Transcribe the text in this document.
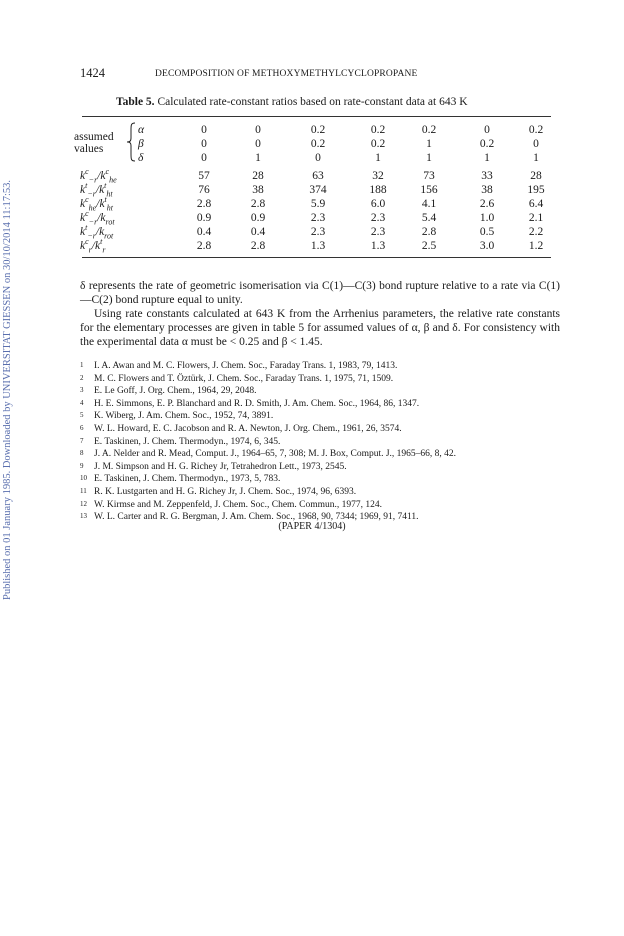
Published on 01 January 1985. Downloaded by UNIVERSITAT GIESSEN on 30/10/2014 11:17:53.
1424	DECOMPOSITION OF METHOXYMETHYLCYCLOPROPANE
Table 5. Calculated rate-constant ratios based on rate-constant data at 643 K
assumed
values
α	0	0	0.2	0.2	0.2	0	0.2
β	0	0	0.2	0.2	1	0.2	0
δ	0	1	0	1	1	1	1
$k^c_{-r}/k^c_{he}$	57	28	63	32	73	33	28
$k^t_{-r}/k^t_{ht}$	76	38	374	188	156	38	195
$k^c_{he}/k^t_{ht}$	2.8	2.8	5.9	6.0	4.1	2.6	6.4
$k^c_{-r}/k_{rot}$	0.9	0.9	2.3	2.3	5.4	1.0	2.1
$k^t_{-r}/k_{rot}$	0.4	0.4	2.3	2.3	2.8	0.5	2.2
$k^c_r/k^t_r$	2.8	2.8	1.3	1.3	2.5	3.0	1.2
δ represents the rate of geometric isomerisation via C(1)—C(3) bond rupture relative to a rate via C(1)—C(2) bond rupture equal to unity.
Using rate constants calculated at 643 K from the Arrhenius parameters, the relative rate constants for the elementary processes are given in table 5 for assumed values of α, β and δ. For consistency with the experimental data α must be < 0.25 and β < 1.45.
1 I. A. Awan and M. C. Flowers, J. Chem. Soc., Faraday Trans. 1, 1983, 79, 1413.
2 M. C. Flowers and T. Öztürk, J. Chem. Soc., Faraday Trans. 1, 1975, 71, 1509.
3 E. Le Goff, J. Org. Chem., 1964, 29, 2048.
4 H. E. Simmons, E. P. Blanchard and R. D. Smith, J. Am. Chem. Soc., 1964, 86, 1347.
5 K. Wiberg, J. Am. Chem. Soc., 1952, 74, 3891.
6 W. L. Howard, E. C. Jacobson and R. A. Newton, J. Org. Chem., 1961, 26, 3574.
7 E. Taskinen, J. Chem. Thermodyn., 1974, 6, 345.
8 J. A. Nelder and R. Mead, Comput. J., 1964–65, 7, 308; M. J. Box, Comput. J., 1965–66, 8, 42.
9 J. M. Simpson and H. G. Richey Jr, Tetrahedron Lett., 1973, 2545.
10 E. Taskinen, J. Chem. Thermodyn., 1973, 5, 783.
11 R. K. Lustgarten and H. G. Richey Jr, J. Chem. Soc., 1974, 96, 6393.
12 W. Kirmse and M. Zeppenfeld, J. Chem. Soc., Chem. Commun., 1977, 124.
13 W. L. Carter and R. G. Bergman, J. Am. Chem. Soc., 1968, 90, 7344; 1969, 91, 7411.
(PAPER 4/1304)
